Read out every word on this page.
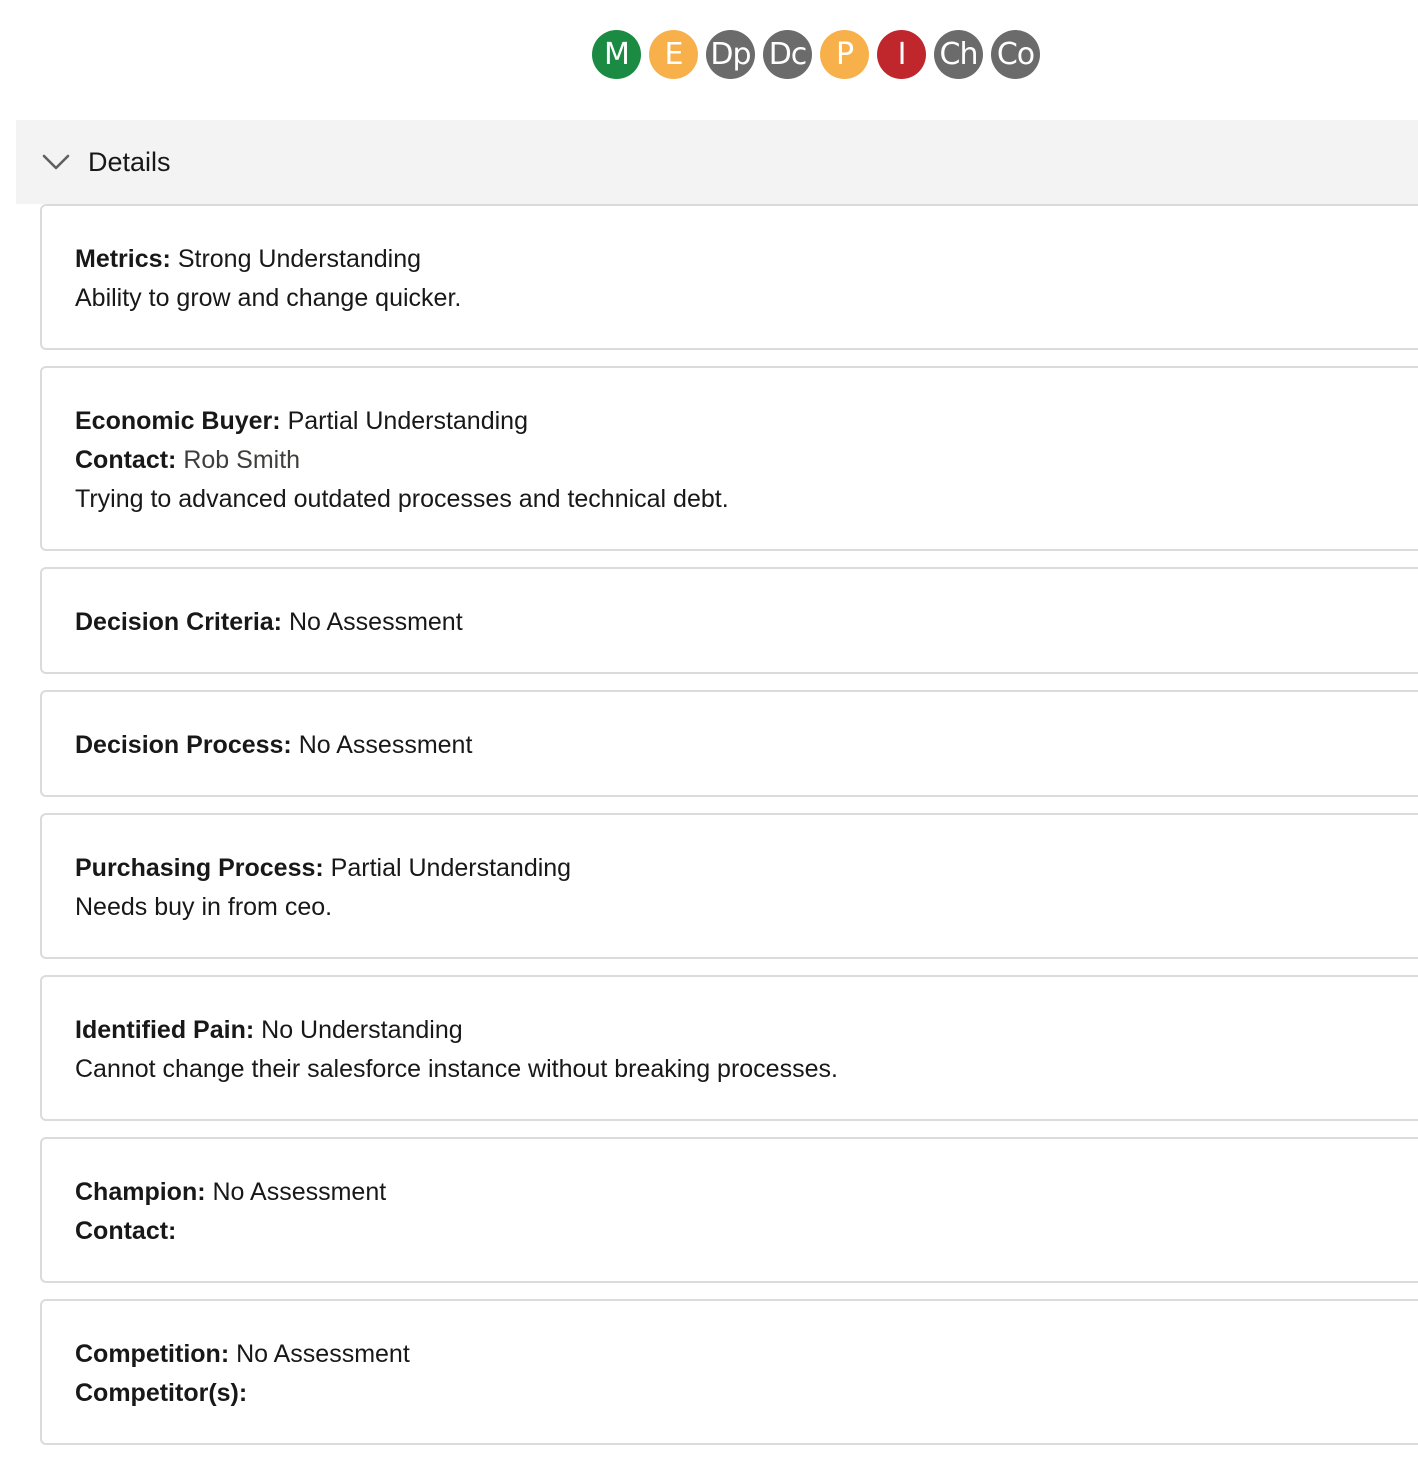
M E Dp Dc P I Ch Co
Details
Metrics: Strong Understanding
Ability to grow and change quicker.
Economic Buyer: Partial Understanding
Contact: Rob Smith
Trying to advanced outdated processes and technical debt.
Decision Criteria: No Assessment
Decision Process: No Assessment
Purchasing Process: Partial Understanding
Needs buy in from ceo.
Identified Pain: No Understanding
Cannot change their salesforce instance without breaking processes.
Champion: No Assessment
Contact:
Competition: No Assessment
Competitor(s):
